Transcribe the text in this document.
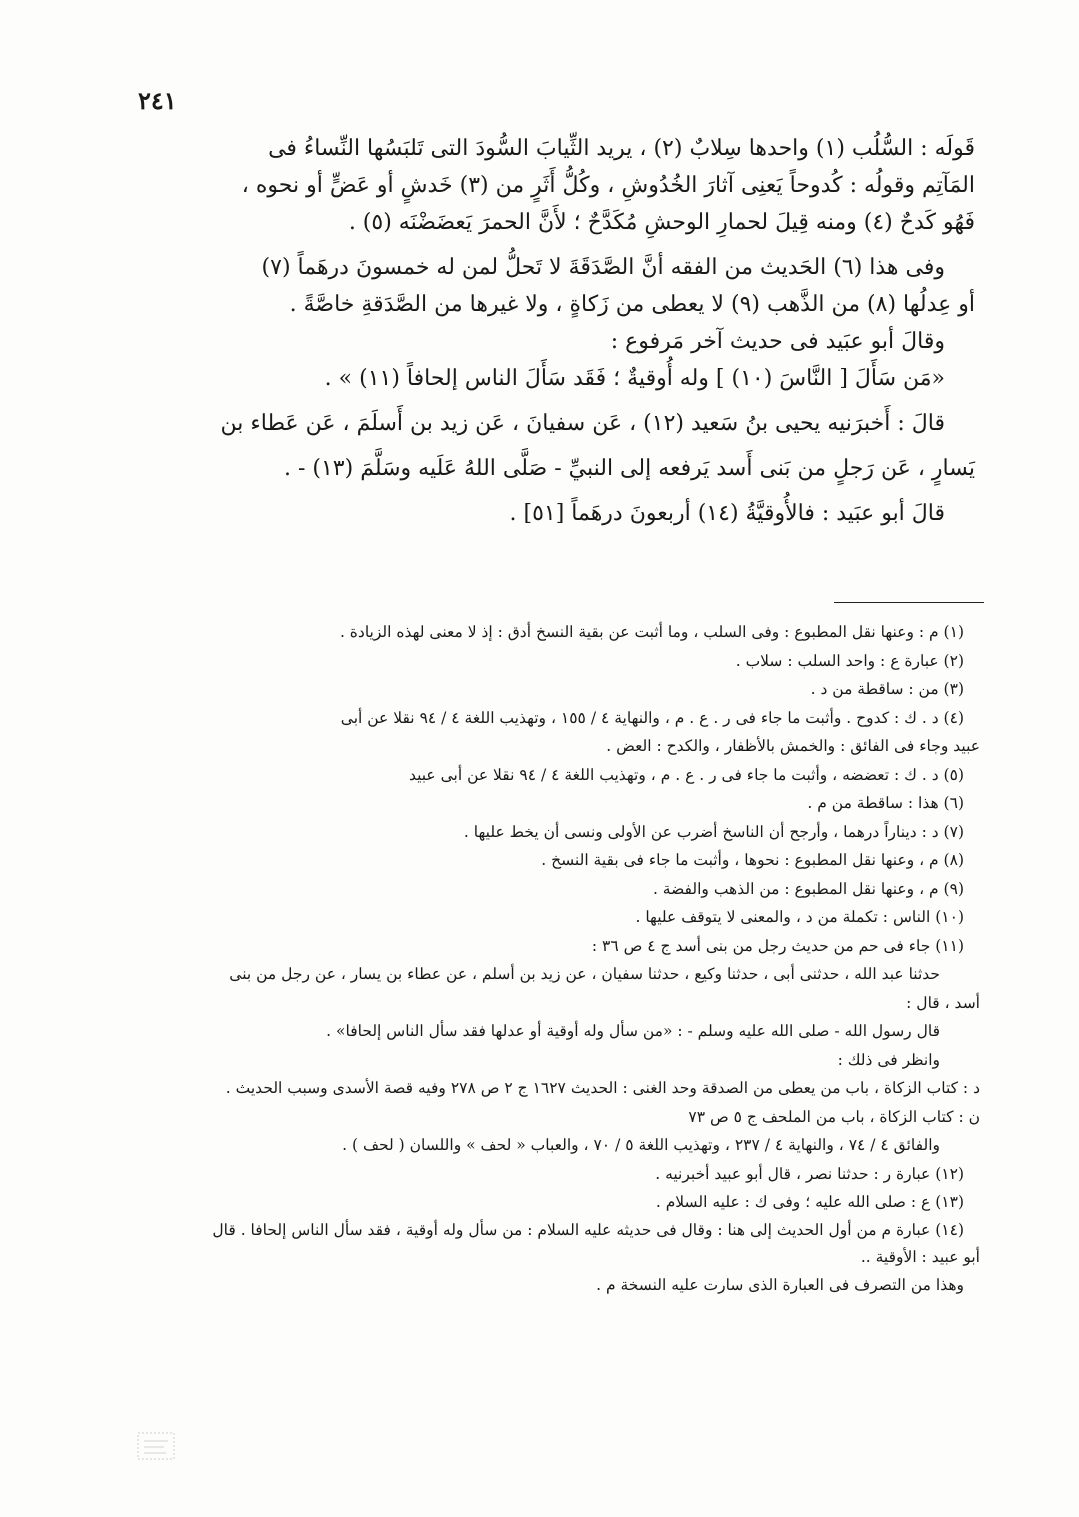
٢٤١

قَولَه : السُّلُب (١) واحدها سِلابٌ (٢) ، يريد الثِّيابَ السُّودَ التى تَلبَسُها النِّساءُ فى

المَآتِم وقولُه : كُدوحاً يَعنِى آثارَ الخُدُوشِ ، وكُلُّ أَثَرٍ من (٣) خَدشٍ أو عَضٍّ أو نحوه ،

فَهُو كَدحٌ (٤) ومنه قِيلَ لحمارِ الوحشِ مُكَدَّحٌ ؛ لأَنَّ الحمرَ يَعضَضْنَه (٥) .

وفى هذا (٦) الحَديث من الفقه أنَّ الصَّدَقَةَ لا تَحلُّ لمن له خمسونَ درهَماً (٧)

أو عِدلُها (٨) من الذَّهب (٩) لا يعطى من زَكاةٍ ، ولا غيرها من الصَّدَقةِ خاصَّةً .

وقالَ أبو عبَيد فى حديث آخر مَرفوع :

«مَن سَأَلَ [ النَّاسَ (١٠) ] وله أُوقيةٌ ؛ فَقَد سَأَلَ الناس إلحافاً (١١) » .

قالَ : أَخبرَنيه يحيى بنُ سَعيد (١٢) ، عَن سفيانَ ، عَن زيد بن أَسلَمَ ، عَن عَطاء بن

يَسارٍ ، عَن رَجلٍ من بَنى أَسد يَرفعه إلى النبيِّ - صَلَّى اللهُ عَلَيه وسَلَّمَ (١٣) - .

قالَ أبو عبَيد : فالأُوقيَّةُ (١٤) أربعونَ درهَماً [٥١] .

(١) م : وعنها نقل المطبوع : وفى السلب ، وما أثبت عن بقية النسخ أدق : إذ لا معنى لهذه الزيادة .

(٢) عبارة ع : واحد السلب : سلاب .

(٣) من : ساقطة من د .

(٤) د . ك : كدوح . وأثبت ما جاء فى ر . ع . م ، والنهاية ٤ / ١٥٥ ، وتهذيب اللغة ٤ / ٩٤ نقلا عن أبى

عبيد وجاء فى الفائق : والخمش بالأظفار ، والكدح : العض .

(٥) د . ك : تعضضه ، وأثبت ما جاء فى ر . ع . م ، وتهذيب اللغة ٤ / ٩٤ نقلا عن أبى عبيد

(٦) هذا : ساقطة من م .

(٧) د : ديناراً درهما ، وأرجح أن الناسخ أضرب عن الأولى ونسى أن يخط عليها .

(٨) م ، وعنها نقل المطبوع : نحوها ، وأثبت ما جاء فى بقية النسخ .

(٩) م ، وعنها نقل المطبوع : من الذهب والفضة .

(١٠) الناس : تكملة من د ، والمعنى لا يتوقف عليها .

(١١) جاء فى حم من حديث رجل من بنى أسد ج ٤ ص ٣٦ :

حدثنا عبد الله ، حدثنى أبى ، حدثنا وكيع ، حدثنا سفيان ، عن زيد بن أسلم ، عن عطاء بن يسار ، عن رجل من بنى

أسد ، قال :

قال رسول الله - صلى الله عليه وسلم - : «من سأل وله أوقية أو عدلها فقد سأل الناس إلحافا» .

وانظر فى ذلك :

د : كتاب الزكاة ، باب من يعطى من الصدقة وحد الغنى : الحديث ١٦٢٧ ج ٢ ص ٢٧٨ وفيه قصة الأسدى وسبب الحديث .

ن : كتاب الزكاة ، باب من الملحف ج ٥ ص ٧٣

والفائق ٤ / ٧٤ ، والنهاية ٤ / ٢٣٧ ، وتهذيب اللغة ٥ / ٧٠ ، والعباب « لحف » واللسان ( لحف ) .

(١٢) عبارة ر : حدثنا نصر ، قال أبو عبيد أخبرنيه .

(١٣) ع : صلى الله عليه ؛ وفى ك : عليه السلام .

(١٤) عبارة م من أول الحديث إلى هنا : وقال فى حديثه عليه السلام : من سأل وله أوقية ، فقد سأل الناس إلحافا . قال

أبو عبيد : الأوقية ..

وهذا من التصرف فى العبارة الذى سارت عليه النسخة م .
